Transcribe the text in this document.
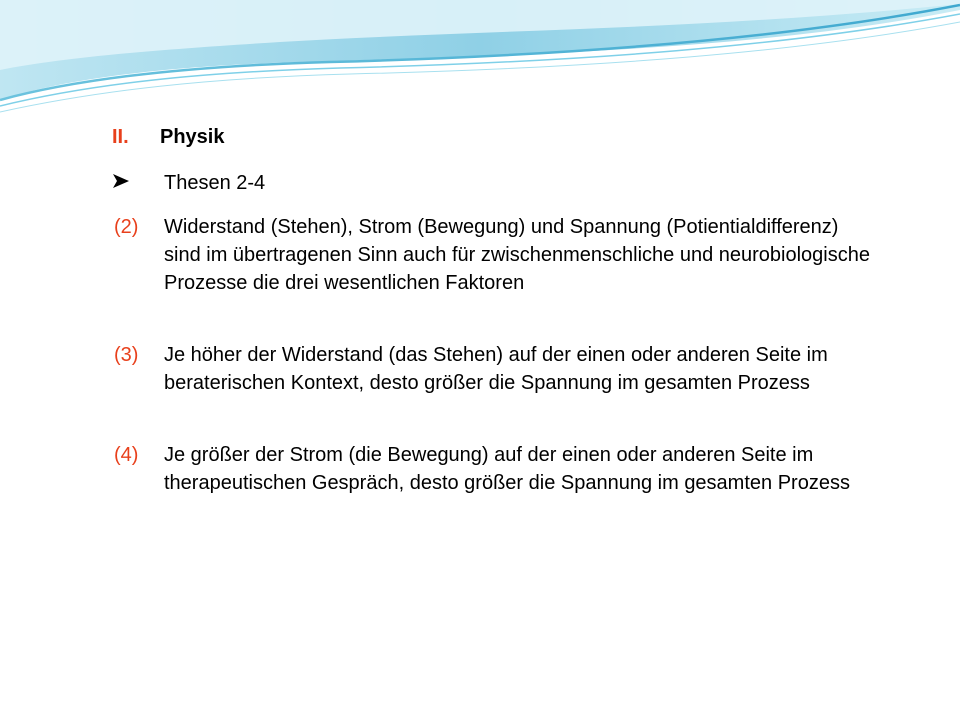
II. Physik
Thesen 2-4
(2) Widerstand (Stehen), Strom (Bewegung) und Spannung (Potientialdifferenz) sind im übertragenen Sinn auch für zwischenmenschliche und neurobiologische Prozesse die drei wesentlichen Faktoren
(3) Je höher der Widerstand (das Stehen) auf der einen oder anderen Seite im beraterischen Kontext, desto größer die Spannung im gesamten Prozess
(4) Je größer der Strom (die Bewegung) auf der einen oder anderen Seite im therapeutischen Gespräch, desto größer die Spannung im gesamten Prozess
